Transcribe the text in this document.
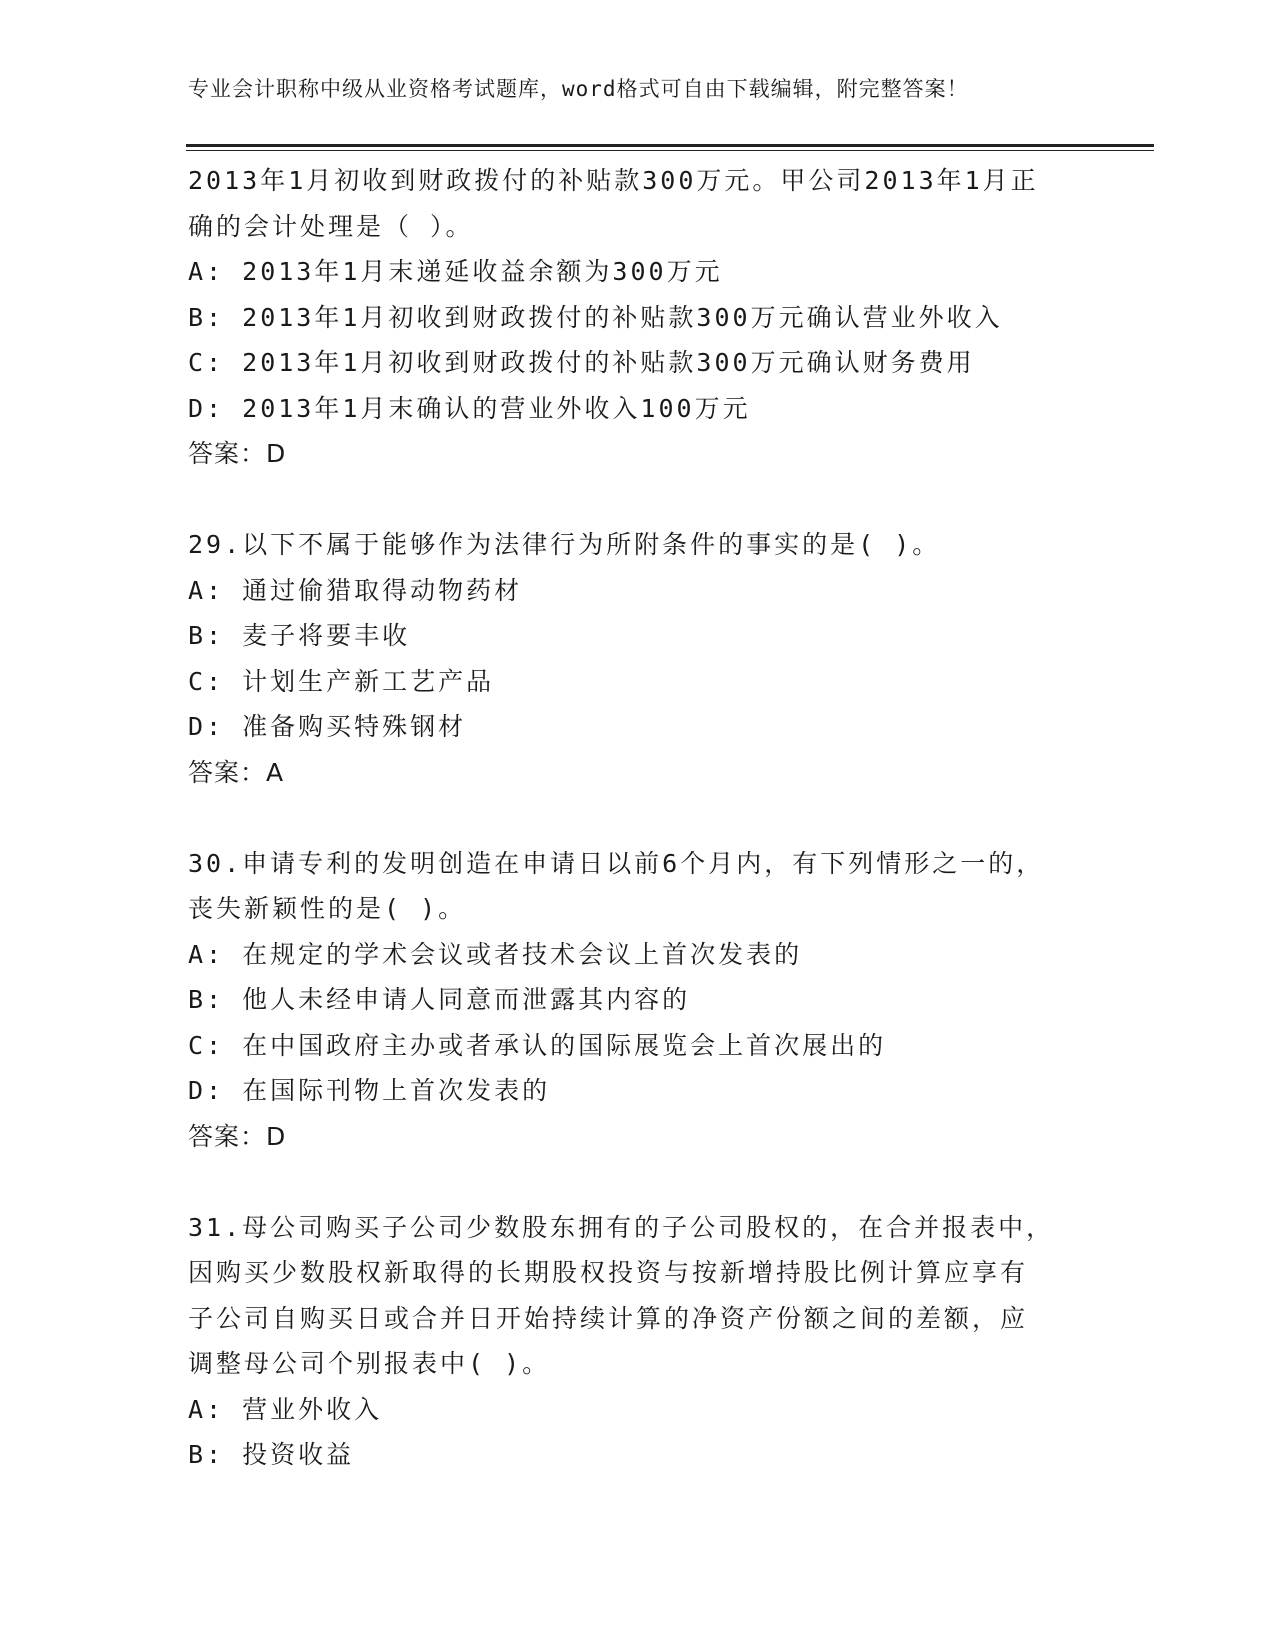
专业会计职称中级从业资格考试题库，word格式可自由下载编辑，附完整答案！
2013年1月初收到财政拨付的补贴款300万元。甲公司2013年1月正
确的会计处理是（ ）。
A: 2013年1月末递延收益余额为300万元
B: 2013年1月初收到财政拨付的补贴款300万元确认营业外收入
C: 2013年1月初收到财政拨付的补贴款300万元确认财务费用
D: 2013年1月末确认的营业外收入100万元
答案：D
29.以下不属于能够作为法律行为所附条件的事实的是( )。
A: 通过偷猎取得动物药材
B: 麦子将要丰收
C: 计划生产新工艺产品
D: 准备购买特殊钢材
答案：A
30.申请专利的发明创造在申请日以前6个月内，有下列情形之一的，
丧失新颖性的是( )。
A: 在规定的学术会议或者技术会议上首次发表的
B: 他人未经申请人同意而泄露其内容的
C: 在中国政府主办或者承认的国际展览会上首次展出的
D: 在国际刊物上首次发表的
答案：D
31.母公司购买子公司少数股东拥有的子公司股权的，在合并报表中，
因购买少数股权新取得的长期股权投资与按新增持股比例计算应享有
子公司自购买日或合并日开始持续计算的净资产份额之间的差额，应
调整母公司个别报表中( )。
A: 营业外收入
B: 投资收益
